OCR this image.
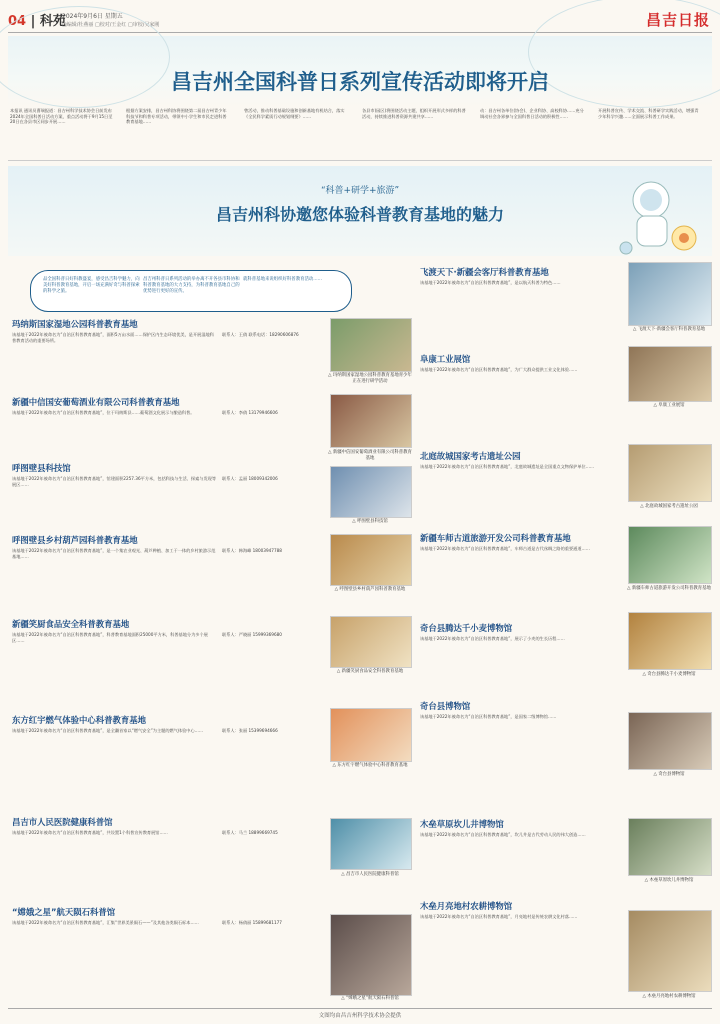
04 | 科苑
2024年9月6日 星期五
□编辑/杜燕丽 □校对/王金红 □审校/吴家刚	昌吉日报
昌吉州全国科普日系列宣传活动即将开启
本报讯 通讯员曹瑞报道：昌吉州科学技术协会日前发布2024年全国科普日活动方案，重点活动将于9月15日至20日在各县市区同步开展……
根据方案安排，昌吉州科协将围绕第二届昌吉州青少年科技节和科普专项活动，带领中小学生和市民走进科普教育基地……
曾活动，推动科普基础设施和创新基地有机结合，落实《全民科学素质行动规划纲要》……
各县市(园区)将围绕活动主题，组织开展形式多样的科普活动，持续推进科普资源共建共享……
动：昌吉州各单位(协会)、企业科协、高校科协……充分调动社会各界参与全国科普日活动的积极性……
开展科普宣传、学术交流、科普研学实践活动，增强青少年科学兴趣……全面展示科普工作成果。
“科普+研学+旅游”
昌吉州科协邀您体验科普教育基地的魅力
品全国科普日好科教盛宴，感受昌吉科学魅力，向美好科普教育基地，开启一场充满好奇与科普探索的科学之旅。
昌吉州科普日系列活动的举办离不开各县市科协和科普教育基地的大力支持，为科普教育基地自己的优势进行更好的宣传。
就科普基地来说组织好科普教育活动……
玛纳斯国家湿地公园科普教育基地
该基地于2022年被命名为“自治区科普教育基地”，面积5万亩水面……保护区内生态环境优美，是开展湿地科普教育活动的重要场所。
联系人：王倩 联系电话：18290606876
△ 玛纳斯国家湿地公园科普教育基地青少年正在进行研学活动
新疆中信国安葡萄酒业有限公司科普教育基地
该基地于2022年被命名为“自治区科普教育基地”，位于玛纳斯县……葡萄酒文化展示与酿造科普。	联系人：李倩 13179946606
△ 新疆中信国安葡萄酒业有限公司科普教育基地
呼图壁县科技馆
该基地于2022年被命名为“自治区科普教育基地”，馆建面积2257.36平方米，包括科技与生活、探索与发现等展区……
联系人：孟丽 18009342006
△ 呼图壁县科技馆
呼图壁县乡村葫芦园科普教育基地
该基地于2022年被命名为“自治区科普教育基地”，是一个集农业观光、葫芦种植、加工于一体的乡村旅游示范基地……
联系人：韩海峰 18003947788
△ 呼图壁县乡村葫芦园科普教育基地
新疆笑厨食品安全科普教育基地
该基地于2022年被命名为“自治区科普教育基地”，科普教育基地面积25000平方米，科普基地分为多个展区……
联系人：严晓丽 15999369680
△ 新疆笑厨食品安全科普教育基地
东方红宇燃气体验中心科普教育基地
该基地于2022年被命名为“自治区科普教育基地”，是全疆首家以“燃气安全”为主题的燃气体验中心……	联系人：张丽 15399694666
△ 东方红宇燃气体验中心科普教育基地
昌吉市人民医院健康科普馆
该基地于2022年被命名为“自治区科普教育基地”，共设置1个科普宣传教育展馆……	联系人：马兰 18899669745
△ 昌吉市人民医院健康科普馆
“嫦娥之星”航天陨石科普馆
该基地于2022年被命名为“自治区科普教育基地”，汇集“世界美景陨石——”及其他各类陨石标本……	联系人：杨倩丽 15899681177
△ “嫦娥之星”航天陨石科普馆
飞渡天下·新疆会客厅科普教育基地
该基地于2022年被命名为“自治区科普教育基地”，是以航天科普为特色……
△ 飞渡天下·新疆会客厅科普教育基地
阜康工业展馆
该基地于2022年被命名为“自治区科普教育基地”，为广大群众提供工业文化体验……
△ 阜康工业展馆
北庭故城国家考古遗址公园
该基地于2022年被命名为“自治区科普教育基地”，北庭故城遗址是全国重点文物保护单位……
△ 北庭故城国家考古遗址公园
新疆车师古道旅游开发公司科普教育基地
该基地于2022年被命名为“自治区科普教育基地”，车师古道是古代丝绸之路的重要通道……
△ 新疆车师古道旅游开发公司科普教育基地
奇台县腾达千小麦博物馆
该基地于2022年被命名为“自治区科普教育基地”，展示了小麦的生长历程……
△ 奇台县腾达千小麦博物馆
奇台县博物馆
该基地于2022年被命名为“自治区科普教育基地”，是国家二级博物馆……
△ 奇台县博物馆
木垒草原坎儿井博物馆
该基地于2022年被命名为“自治区科普教育基地”，坎儿井是古代劳动人民的伟大创造……
△ 木垒草原坎儿井博物馆
木垒月亮地村农耕博物馆
该基地于2022年被命名为“自治区科普教育基地”，月亮地村是传统农耕文化村落……
△ 木垒月亮地村农耕博物馆
文图均由昌吉州科学技术协会提供
